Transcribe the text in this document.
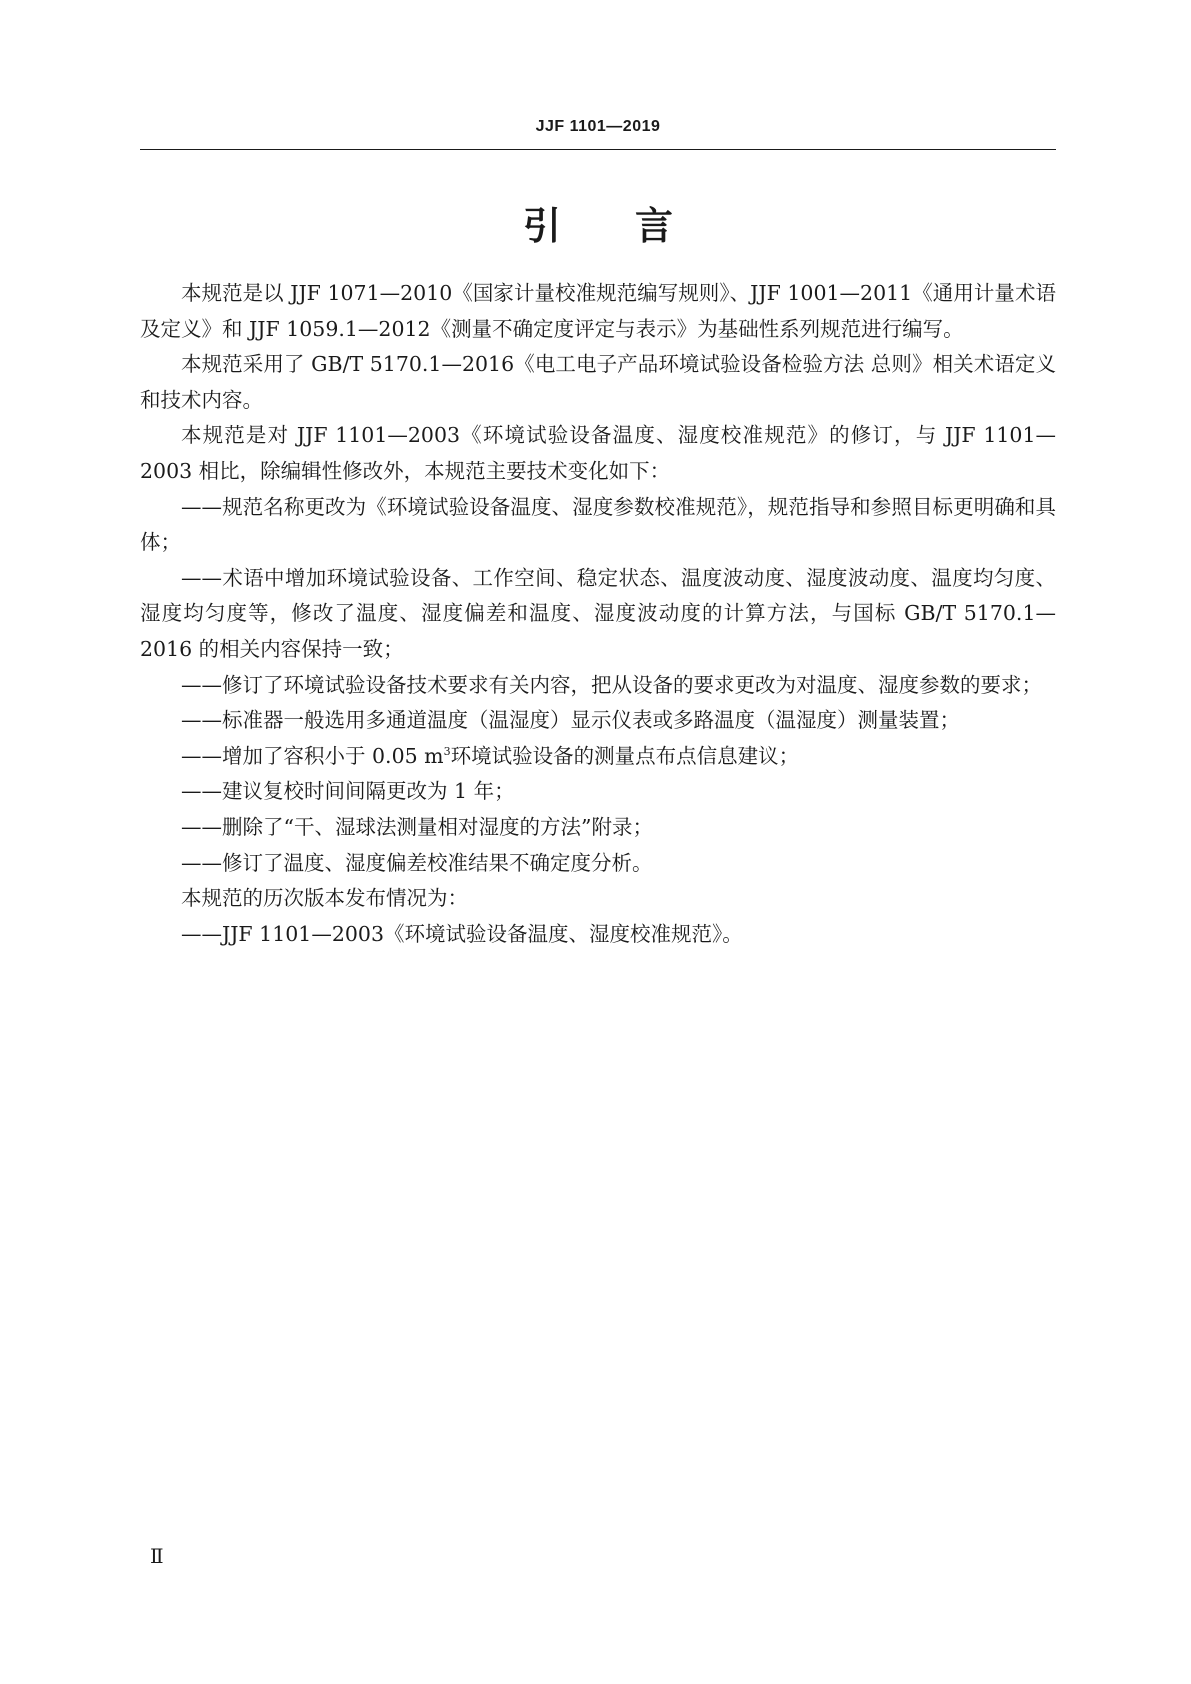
JJF 1101—2019
引 言

本规范是以 JJF 1071—2010《国家计量校准规范编写规则》、JJF 1001—2011《通用计量术语及定义》和 JJF 1059.1—2012《测量不确定度评定与表示》为基础性系列规范进行编写。

本规范采用了 GB/T 5170.1—2016《电工电子产品环境试验设备检验方法 总则》相关术语定义和技术内容。

本规范是对 JJF 1101—2003《环境试验设备温度、湿度校准规范》的修订，与 JJF 1101—2003 相比，除编辑性修改外，本规范主要技术变化如下：

——规范名称更改为《环境试验设备温度、湿度参数校准规范》，规范指导和参照目标更明确和具体；

——术语中增加环境试验设备、工作空间、稳定状态、温度波动度、湿度波动度、温度均匀度、湿度均匀度等，修改了温度、湿度偏差和温度、湿度波动度的计算方法，与国标 GB/T 5170.1—2016 的相关内容保持一致；

——修订了环境试验设备技术要求有关内容，把从设备的要求更改为对温度、湿度参数的要求；

——标准器一般选用多通道温度（温湿度）显示仪表或多路温度（温湿度）测量装置；

——增加了容积小于 0.05 $m^3$环境试验设备的测量点布点信息建议；

——建议复校时间间隔更改为 1 年；

——删除了“干、湿球法测量相对湿度的方法”附录；

——修订了温度、湿度偏差校准结果不确定度分析。

本规范的历次版本发布情况为：

——JJF 1101—2003《环境试验设备温度、湿度校准规范》。

Ⅱ
